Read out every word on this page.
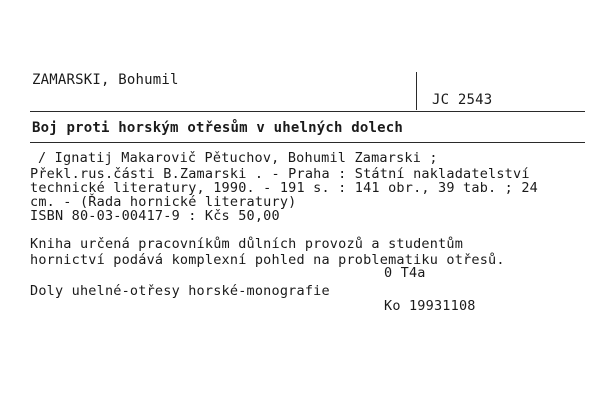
ZAMARSKI, Bohumil
JC 2543
Boj proti horským otřesům v uhelných dolech
/ Ignatij Makarovič Pětuchov, Bohumil Zamarski ;
Překl.rus.části B.Zamarski . - Praha : Státní nakladatelství
technické literatury, 1990. - 191 s. : 141 obr., 39 tab. ; 24
cm. - (Řada hornické literatury)
ISBN 80-03-00417-9 : Kčs 50,00
Kniha určená pracovníkům důlních provozů a studentům
hornictví podává komplexní pohled na problematiku otřesů.
0 T4a
Doly uhelné-otřesy horské-monografie
Ko 19931108
